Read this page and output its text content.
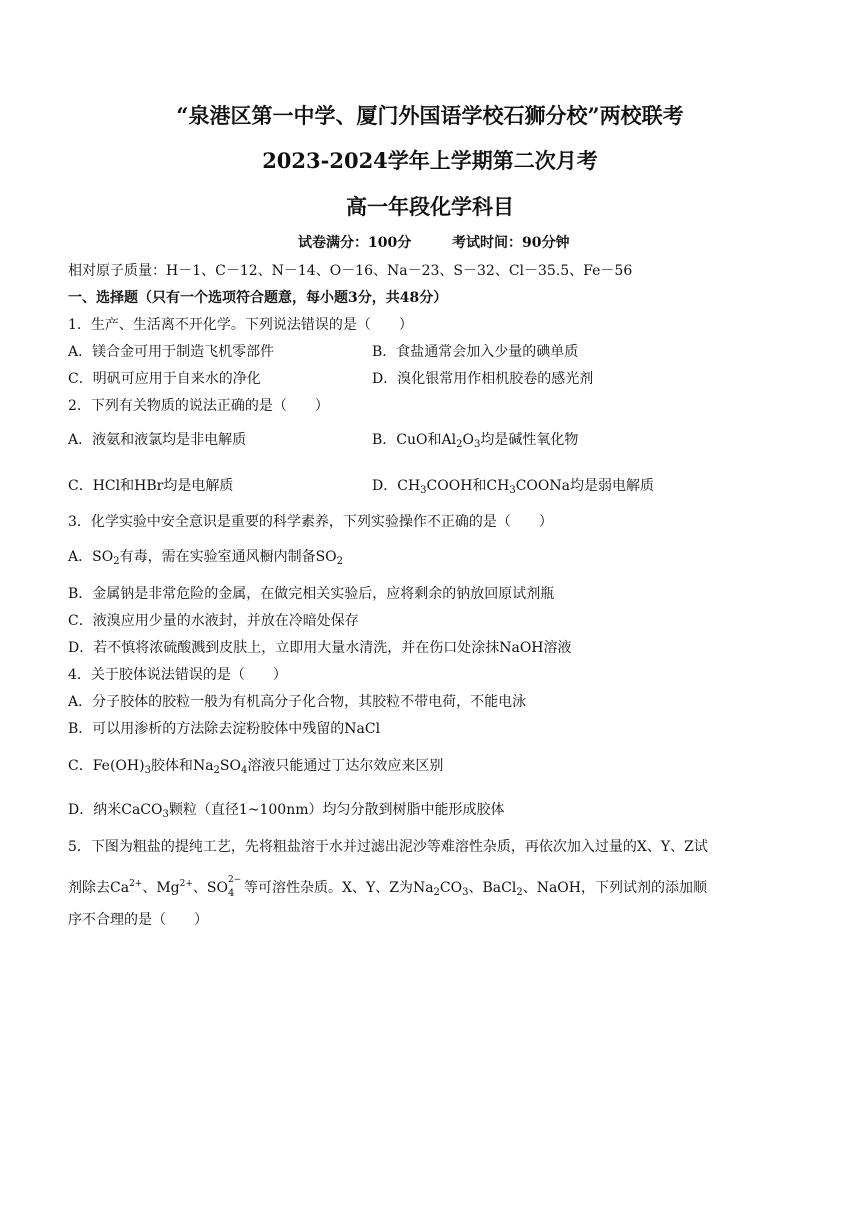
“泉港区第一中学、厦门外国语学校石狮分校”两校联考
2023-2024学年上学期第二次月考
高一年段化学科目
试卷满分：100分	考试时间：90分钟
相对原子质量：H－1、C－12、N－14、O－16、Na－23、S－32、Cl－35.5、Fe－56
一、选择题（只有一个选项符合题意，每小题3分，共48分）
1．生产、生活离不开化学。下列说法错误的是（　　）
A．镁合金可用于制造飞机零部件	B．食盐通常会加入少量的碘单质
C．明矾可应用于自来水的净化	D．溴化银常用作相机胶卷的感光剂
2．下列有关物质的说法正确的是（　　）
A．液氨和液氯均是非电解质	B．CuO和$Al_2O_3$均是碱性氧化物
C．HCl和HBr均是电解质	D．$CH_3COOH$和$CH_3COONa$均是弱电解质
3．化学实验中安全意识是重要的科学素养，下列实验操作不正确的是（　　）
A．$SO_2$有毒，需在实验室通风橱内制备$SO_2$
B．金属钠是非常危险的金属，在做完相关实验后，应将剩余的钠放回原试剂瓶
C．液溴应用少量的水液封，并放在冷暗处保存
D．若不慎将浓硫酸溅到皮肤上，立即用大量水清洗，并在伤口处涂抹NaOH溶液
4．关于胶体说法错误的是（　　）
A．分子胶体的胶粒一般为有机高分子化合物，其胶粒不带电荷，不能电泳
B．可以用渗析的方法除去淀粉胶体中残留的NaCl
C．$Fe(OH)_3$胶体和$Na_2SO_4$溶液只能通过丁达尔效应来区别
D．纳米CaCO$_3$颗粒（直径1~100nm）均匀分散到树脂中能形成胶体
5．下图为粗盐的提纯工艺，先将粗盐溶于水并过滤出泥沙等难溶性杂质，再依次加入过量的X、Y、Z试
剂除去$Ca^{2+}$、$Mg^{2+}$、SO 2−
4 等可溶性杂质。X、Y、Z为$Na_2CO_3$、BaCl$_2$、NaOH，下列试剂的添加顺
序不合理的是（　　）
